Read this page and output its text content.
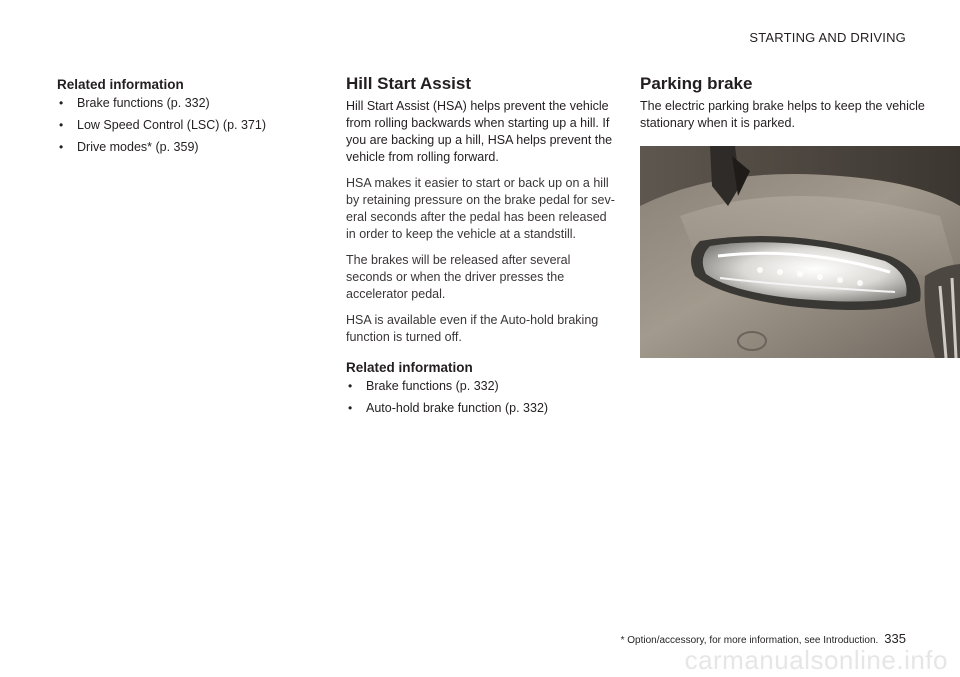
STARTING AND DRIVING
Related information
• Brake functions (p. 332)
• Low Speed Control (LSC) (p. 371)
• Drive modes* (p. 359)
Hill Start Assist

Hill Start Assist (HSA) helps prevent the vehicle from rolling backwards when starting up a hill. If you are backing up a hill, HSA helps prevent the vehicle from rolling forward.

HSA makes it easier to start or back up on a hill by retaining pressure on the brake pedal for sev-eral seconds after the pedal has been released in order to keep the vehicle at a standstill.

The brakes will be released after several seconds or when the driver presses the accelerator pedal.

HSA is available even if the Auto-hold braking function is turned off.

Related information
• Brake functions (p. 332)
• Auto-hold brake function (p. 332)
Parking brake

The electric parking brake helps to keep the vehicle stationary when it is parked.

* Option/accessory, for more information, see Introduction. 335
carmanualsonline.info
